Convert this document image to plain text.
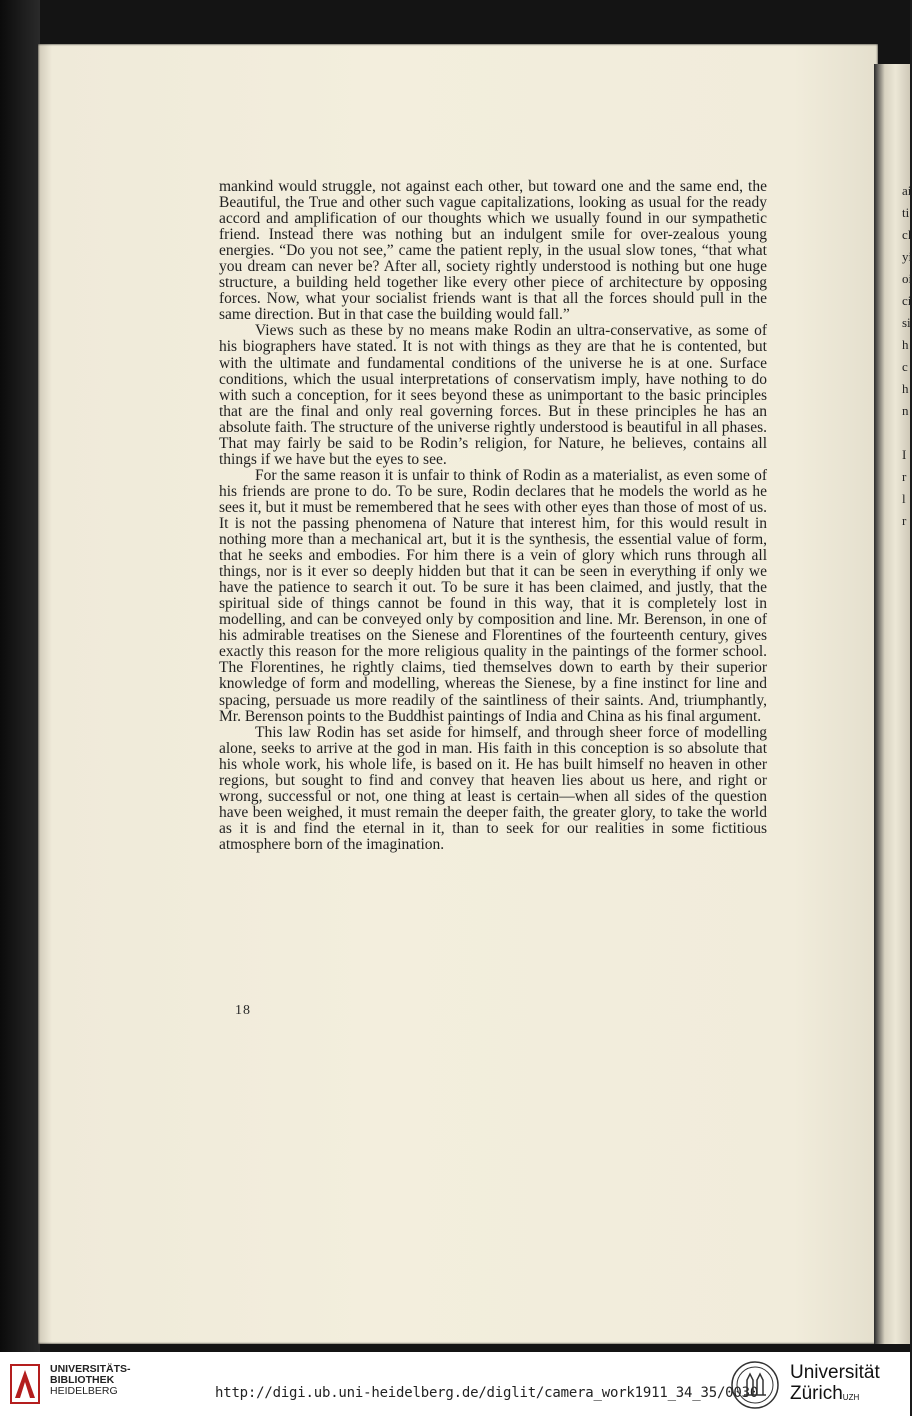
ai
ti
cl
yi
oi
ci
si
h
c
h
n

I
r
l
r

mankind would struggle, not against each other, but toward one and the same end, the Beautiful, the True and other such vague capitalizations, looking as usual for the ready accord and amplification of our thoughts which we usually found in our sympathetic friend. Instead there was nothing but an indulgent smile for over-zealous young energies. “Do you not see,” came the patient reply, in the usual slow tones, “that what you dream can never be? After all, society rightly understood is nothing but one huge structure, a building held together like every other piece of architecture by opposing forces. Now, what your socialist friends want is that all the forces should pull in the same direction. But in that case the building would fall.”

Views such as these by no means make Rodin an ultra-conservative, as some of his biographers have stated. It is not with things as they are that he is contented, but with the ultimate and fundamental conditions of the universe he is at one. Surface conditions, which the usual interpretations of conservatism imply, have nothing to do with such a conception, for it sees beyond these as unimportant to the basic principles that are the final and only real governing forces. But in these principles he has an absolute faith. The structure of the universe rightly understood is beautiful in all phases. That may fairly be said to be Rodin’s religion, for Nature, he believes, contains all things if we have but the eyes to see.

For the same reason it is unfair to think of Rodin as a materialist, as even some of his friends are prone to do. To be sure, Rodin declares that he models the world as he sees it, but it must be remembered that he sees with other eyes than those of most of us. It is not the passing phenomena of Nature that interest him, for this would result in nothing more than a mechanical art, but it is the synthesis, the essential value of form, that he seeks and embodies. For him there is a vein of glory which runs through all things, nor is it ever so deeply hidden but that it can be seen in everything if only we have the patience to search it out. To be sure it has been claimed, and justly, that the spiritual side of things cannot be found in this way, that it is completely lost in modelling, and can be conveyed only by composition and line. Mr. Berenson, in one of his admirable treatises on the Sienese and Florentines of the fourteenth century, gives exactly this reason for the more religious quality in the paintings of the former school. The Florentines, he rightly claims, tied themselves down to earth by their superior knowledge of form and modelling, whereas the Sienese, by a fine instinct for line and spacing, persuade us more readily of the saintliness of their saints. And, triumphantly, Mr. Berenson points to the Buddhist paintings of India and China as his final argument.

This law Rodin has set aside for himself, and through sheer force of modelling alone, seeks to arrive at the god in man. His faith in this conception is so absolute that his whole work, his whole life, is based on it. He has built himself no heaven in other regions, but sought to find and convey that heaven lies about us here, and right or wrong, successful or not, one thing at least is certain—when all sides of the question have been weighed, it must remain the deeper faith, the greater glory, to take the world as it is and find the eternal in it, than to seek for our realities in some fictitious atmosphere born of the imagination.

18
UNIVERSITÄTS-
BIBLIOTHEK
HEIDELBERG	http://digi.ub.uni-heidelberg.de/diglit/camera_work1911_34_35/0030
Universität
Zürich$^{UZH}$
